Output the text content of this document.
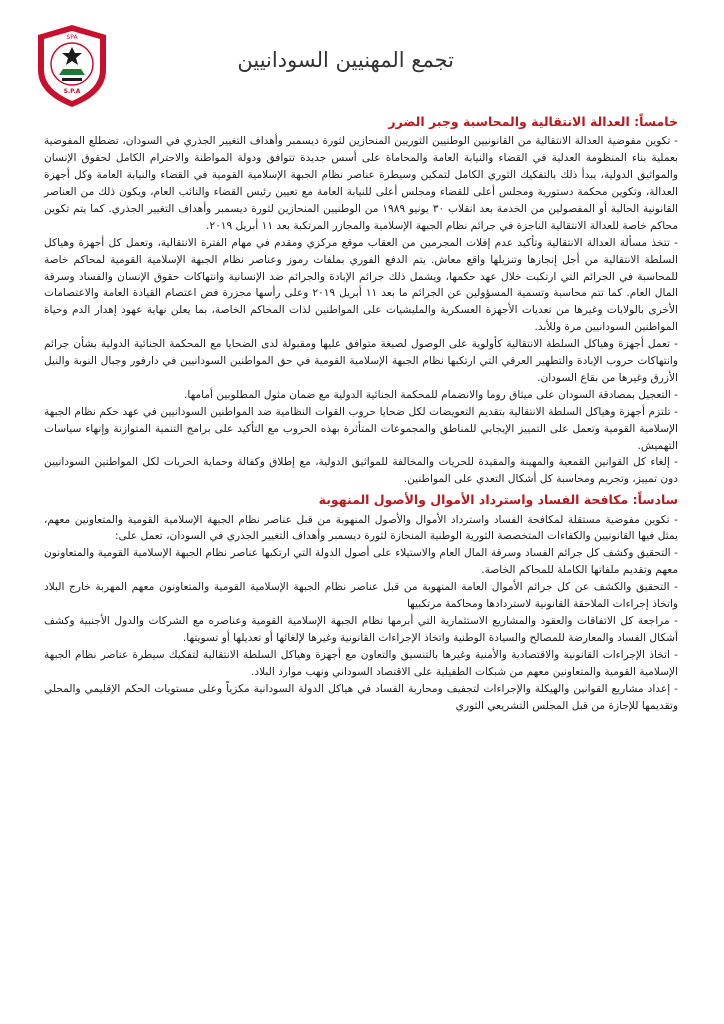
SPA
S.P.A
تجمع المهنيين السودانيين
خامساً: العدالة الانتقالية والمحاسبة وجبر الضرر

- تكوين مفوضية العدالة الانتقالية من القانونيين الوطنيين الثوريين المنحازين لثورة ديسمبر وأهداف التغيير الجذري في السودان، تضطلع المفوضية بعملية بناء المنظومة العدلية في القضاء والنيابة العامة والمحاماة على أسس جديدة تتوافق ودولة المواطنة والاحترام الكامل لحقوق الإنسان والمواثيق الدولية، يبدأ ذلك بالتفكيك الثوري الكامل لتمكين وسيطرة عناصر نظام الجبهة الإسلامية القومية في القضاء والنيابة العامة وكل أجهزة العدالة، وتكوين محكمة دستورية ومجلس أعلى للقضاء ومجلس أعلى للنيابة العامة مع تعيين رئيس القضاء والنائب العام، ويكون ذلك من العناصر القانونية الحالية أو المفصولين من الخدمة بعد انقلاب ٣٠ يونيو ١٩٨٩ من الوطنيين المنحازين لثورة ديسمبر وأهداف التغيير الجذري. كما يتم تكوين محاكم خاصة للعدالة الانتقالية الناجزة في جرائم نظام الجبهة الإسلامية والمجازر المرتكبة بعد ١١ أبريل ٢٠١٩.

- تتخذ مسألة العدالة الانتقالية وتأكيد عدم إفلات المجرمين من العقاب موقع مركزي ومقدم في مهام الفترة الانتقالية، وتعمل كل أجهزة وهياكل السلطة الانتقالية من أجل إنجازها وتنزيلها واقع معاش. يتم الدفع الفوري بملفات رموز وعناصر نظام الجبهة الإسلامية القومية لمحاكم خاصة للمحاسبة في الجرائم التي ارتكبت خلال عهد حكمها، ويشمل ذلك جرائم الإبادة والجرائم ضد الإنسانية وانتهاكات حقوق الإنسان والفساد وسرقة المال العام. كما تتم محاسبة وتسمية المسؤولين عن الجرائم ما بعد ١١ أبريل ٢٠١٩ وعلى رأسها مجزرة فض اعتصام القيادة العامة والاعتصامات الأخرى بالولايات وغيرها من تعديات الأجهزة العسكرية والمليشيات على المواطنين لذات المحاكم الخاصة، بما يعلن نهاية عهود إهدار الدم وحياة المواطنين السودانيين مرة وللأبد.

- تعمل أجهزة وهياكل السلطة الانتقالية كأولوية على الوصول لصيغة متوافق عليها ومقبولة لدى الضحايا مع المحكمة الجنائية الدولية بشأن جرائم وانتهاكات حروب الإبادة والتطهير العرقي التي ارتكبها نظام الجبهة الإسلامية القومية في حق المواطنين السودانيين في دارفور وجبال النوبة والنيل الأزرق وغيرها من بقاع السودان.

- التعجيل بمصادقة السودان على ميثاق روما والانضمام للمحكمة الجنائية الدولية مع ضمان مثول المطلوبين أمامها.

- تلتزم أجهزة وهياكل السلطة الانتقالية بتقديم التعويضات لكل ضحايا حروب القوات النظامية ضد المواطنين السودانيين في عهد حكم نظام الجبهة الإسلامية القومية وتعمل على التمييز الإيجابي للمناطق والمجموعات المتأثرة بهذه الحروب مع التأكيد على برامج التنمية المتوازنة وإنهاء سياسات التهميش.

- إلغاء كل القوانين القمعية والمهينة والمقيدة للحريات والمخالفة للمواثيق الدولية، مع إطلاق وكفالة وحماية الحريات لكل المواطنين السودانيين دون تمييز، وتجريم ومحاسبة كل أشكال التعدي على المواطنين.

سادساً: مكافحة الفساد واسترداد الأموال والأصول المنهوبة

- تكوين مفوضية مستقلة لمكافحة الفساد واسترداد الأموال والأصول المنهوبة من قبل عناصر نظام الجبهة الإسلامية القومية والمتعاونين معهم، يمثل فيها القانونيين والكفاءات المتخصصة الثورية الوطنية المنحازة لثورة ديسمبر وأهداف التغيير الجذري في السودان، تعمل على:

- التحقيق وكشف كل جرائم الفساد وسرقة المال العام والاستيلاء على أصول الدولة التي ارتكبها عناصر نظام الجبهة الإسلامية القومية والمتعاونون معهم وتقديم ملفاتها الكاملة للمحاكم الخاصة.

- التحقيق والكشف عن كل جرائم الأموال العامة المنهوبة من قبل عناصر نظام الجبهة الإسلامية القومية والمتعاونون معهم المهربة خارج البلاد واتخاذ إجراءات الملاحقة القانونية لاستردادها ومحاكمة مرتكبيها

- مراجعة كل الاتفاقات والعقود والمشاريع الاستثمارية التي أبرمها نظام الجبهة الإسلامية القومية وعناصره مع الشركات والدول الأجنبية وكشف أشكال الفساد والمعارضة للمصالح والسيادة الوطنية واتخاذ الإجراءات القانونية وغيرها لإلغائها أو تعديلها أو تسويتها.

- اتخاذ الإجراءات القانونية والاقتصادية والأمنية وغيرها بالتنسيق والتعاون مع أجهزة وهياكل السلطة الانتقالية لتفكيك سيطرة عناصر نظام الجبهة الإسلامية القومية والمتعاونين معهم من شبكات الطفيلية على الاقتصاد السوداني ونهب موارد البلاد.

- إعداد مشاريع القوانين والهيكلة والإجراءات لتجفيف ومحاربة الفساد في هياكل الدولة السودانية مكزياً وعلى مستويات الحكم الإقليمي والمحلي وتقديمها للإجازة من قبل المجلس التشريعي الثوري
